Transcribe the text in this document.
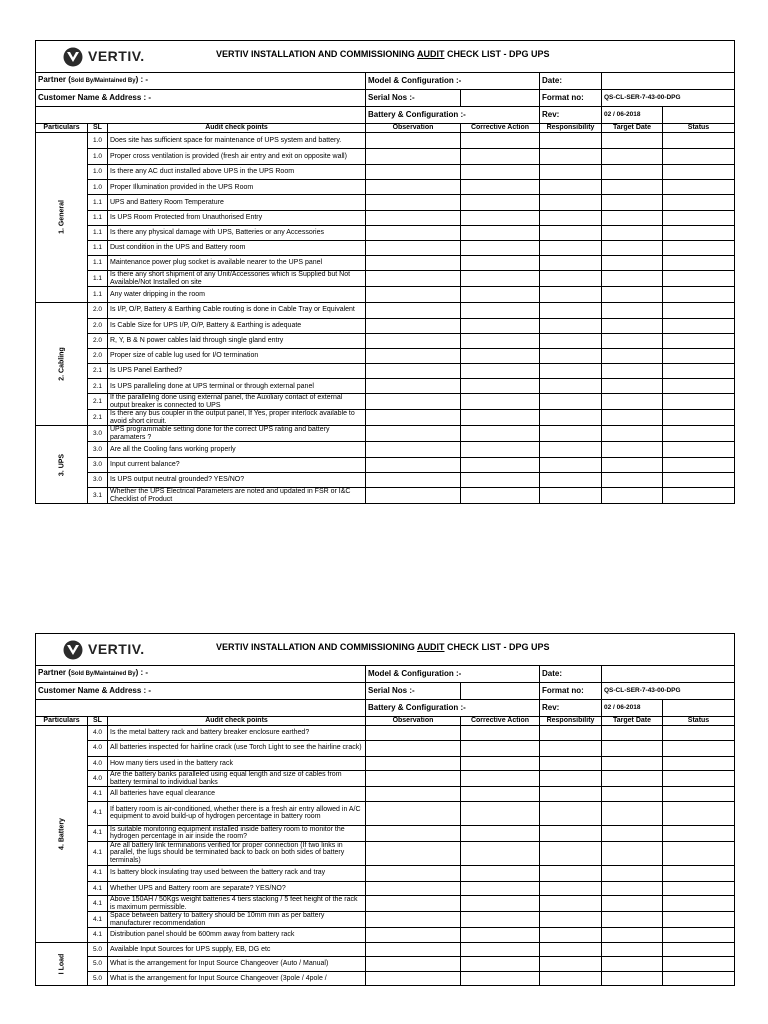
VERTIV. VERTIV INSTALLATION AND COMMISSIONING AUDIT CHECK LIST - DPG UPS							

Partner (Sold By/Maintained By) : -			Model & Configuration :-		Date:		
Customer Name & Address : -			Serial Nos :-		Format no:	QS-CL-SER-7-43-00-DPG	
			Battery & Configuration :-		Rev:	02 / 06-2018	
Particulars	SL	Audit check points	Observation	Corrective Action	Responsibility	Target Date	Status

1. General	1.0	Does site has sufficient space for maintenance of UPS system and battery.					
	1.0	Proper cross ventilation is provided (fresh air entry and exit on opposite wall)					
	1.0	Is there any AC duct installed above UPS in the UPS Room					
	1.0	Proper Illumination provided in the UPS Room					
	1.1	UPS and Battery Room Temperature					
	1.1	Is UPS Room Protected from Unauthorised Entry					
	1.1	Is there any physical damage with UPS, Batteries or any Accessories					
	1.1	Dust condition in the UPS and Battery room					
	1.1	Maintenance power plug socket is available nearer to the UPS panel					
	1.1	Is there any short shipment of any Unit/Accessories which is Supplied but Not Available/Not Installed on site					
	1.1	Any water dripping in the room					

2. Cabling	2.0	Is I/P, O/P, Battery & Earthing Cable routing is done in Cable Tray or Equivalent					
	2.0	Is Cable Size for UPS I/P, O/P, Battery & Earthing is adequate					
	2.0	R, Y, B & N power cables laid through single gland entry					
	2.0	Proper size of cable lug used for I/O termination					
	2.1	Is UPS Panel Earthed?					
	2.1	Is UPS paralleling done at UPS terminal or through external panel					
	2.1	If the paralleling done using external panel, the Auxiliary contact of external output breaker is connected to UPS					
	2.1	Is there any bus coupler in the output panel, If Yes, proper interlock available to avoid short circuit.					

3. UPS	3.0	UPS programmable setting done for the correct UPS rating and battery paramaters ?					
	3.0	Are all the Cooling fans working properly					
	3.0	Input current balance?					
	3.0	Is UPS output neutral grounded? YES/NO?					
	3.1	Whether the UPS Electrical Parameters are noted and updated in FSR or I&C Checklist of Product					
VERTIV. VERTIV INSTALLATION AND COMMISSIONING AUDIT CHECK LIST - DPG UPS							

Partner (Sold By/Maintained By) : -			Model & Configuration :-		Date:		
Customer Name & Address : -			Serial Nos :-		Format no:	QS-CL-SER-7-43-00-DPG	
			Battery & Configuration :-		Rev:	02 / 06-2018	
Particulars	SL	Audit check points	Observation	Corrective Action	Responsibility	Target Date	Status

4. Battery	4.0	Is the metal battery rack and battery breaker enclosure earthed?					
	4.0	All batteries inspected for hairline crack (use Torch Light to see the hairline crack)					
	4.0	How many tiers used in the battery rack					
	4.0	Are the battery banks paralleled using equal length and size of cables from battery terminal to individual banks					
	4.1	All batteries have equal clearance					
	4.1	If battery room is air-conditioned, whether there is a fresh air entry allowed in A/C equipment to avoid build-up of hydrogen percentage in battery room					
	4.1	Is suitable monitoring equipment installed inside battery room to monitor the hydrogen percentage in air inside the room?					
	4.1	Are all battery link terminations verified for proper connection (If two links in parallel, the lugs should be terminated back to back on both sides of battery terminals)					
	4.1	Is battery block insulating tray used between the battery rack and tray					
	4.1	Whether UPS and Battery room are separate? YES/NO?					
	4.1	Above 150AH / 50Kgs weight batteries 4 tiers stacking / 5 feet height of the rack is maximum permissible.					
	4.1	Space between battery to battery should be 10mm min as per battery manufacturer recommendation					
	4.1	Distribution panel should be 600mm away from battery rack					

I Load	5.0	Available Input Sources for UPS supply, EB, DG etc					
	5.0	What is the arrangement for Input Source Changeover (Auto / Manual)					
	5.0	What is the arrangement for Input Source Changeover (3pole / 4pole /					
